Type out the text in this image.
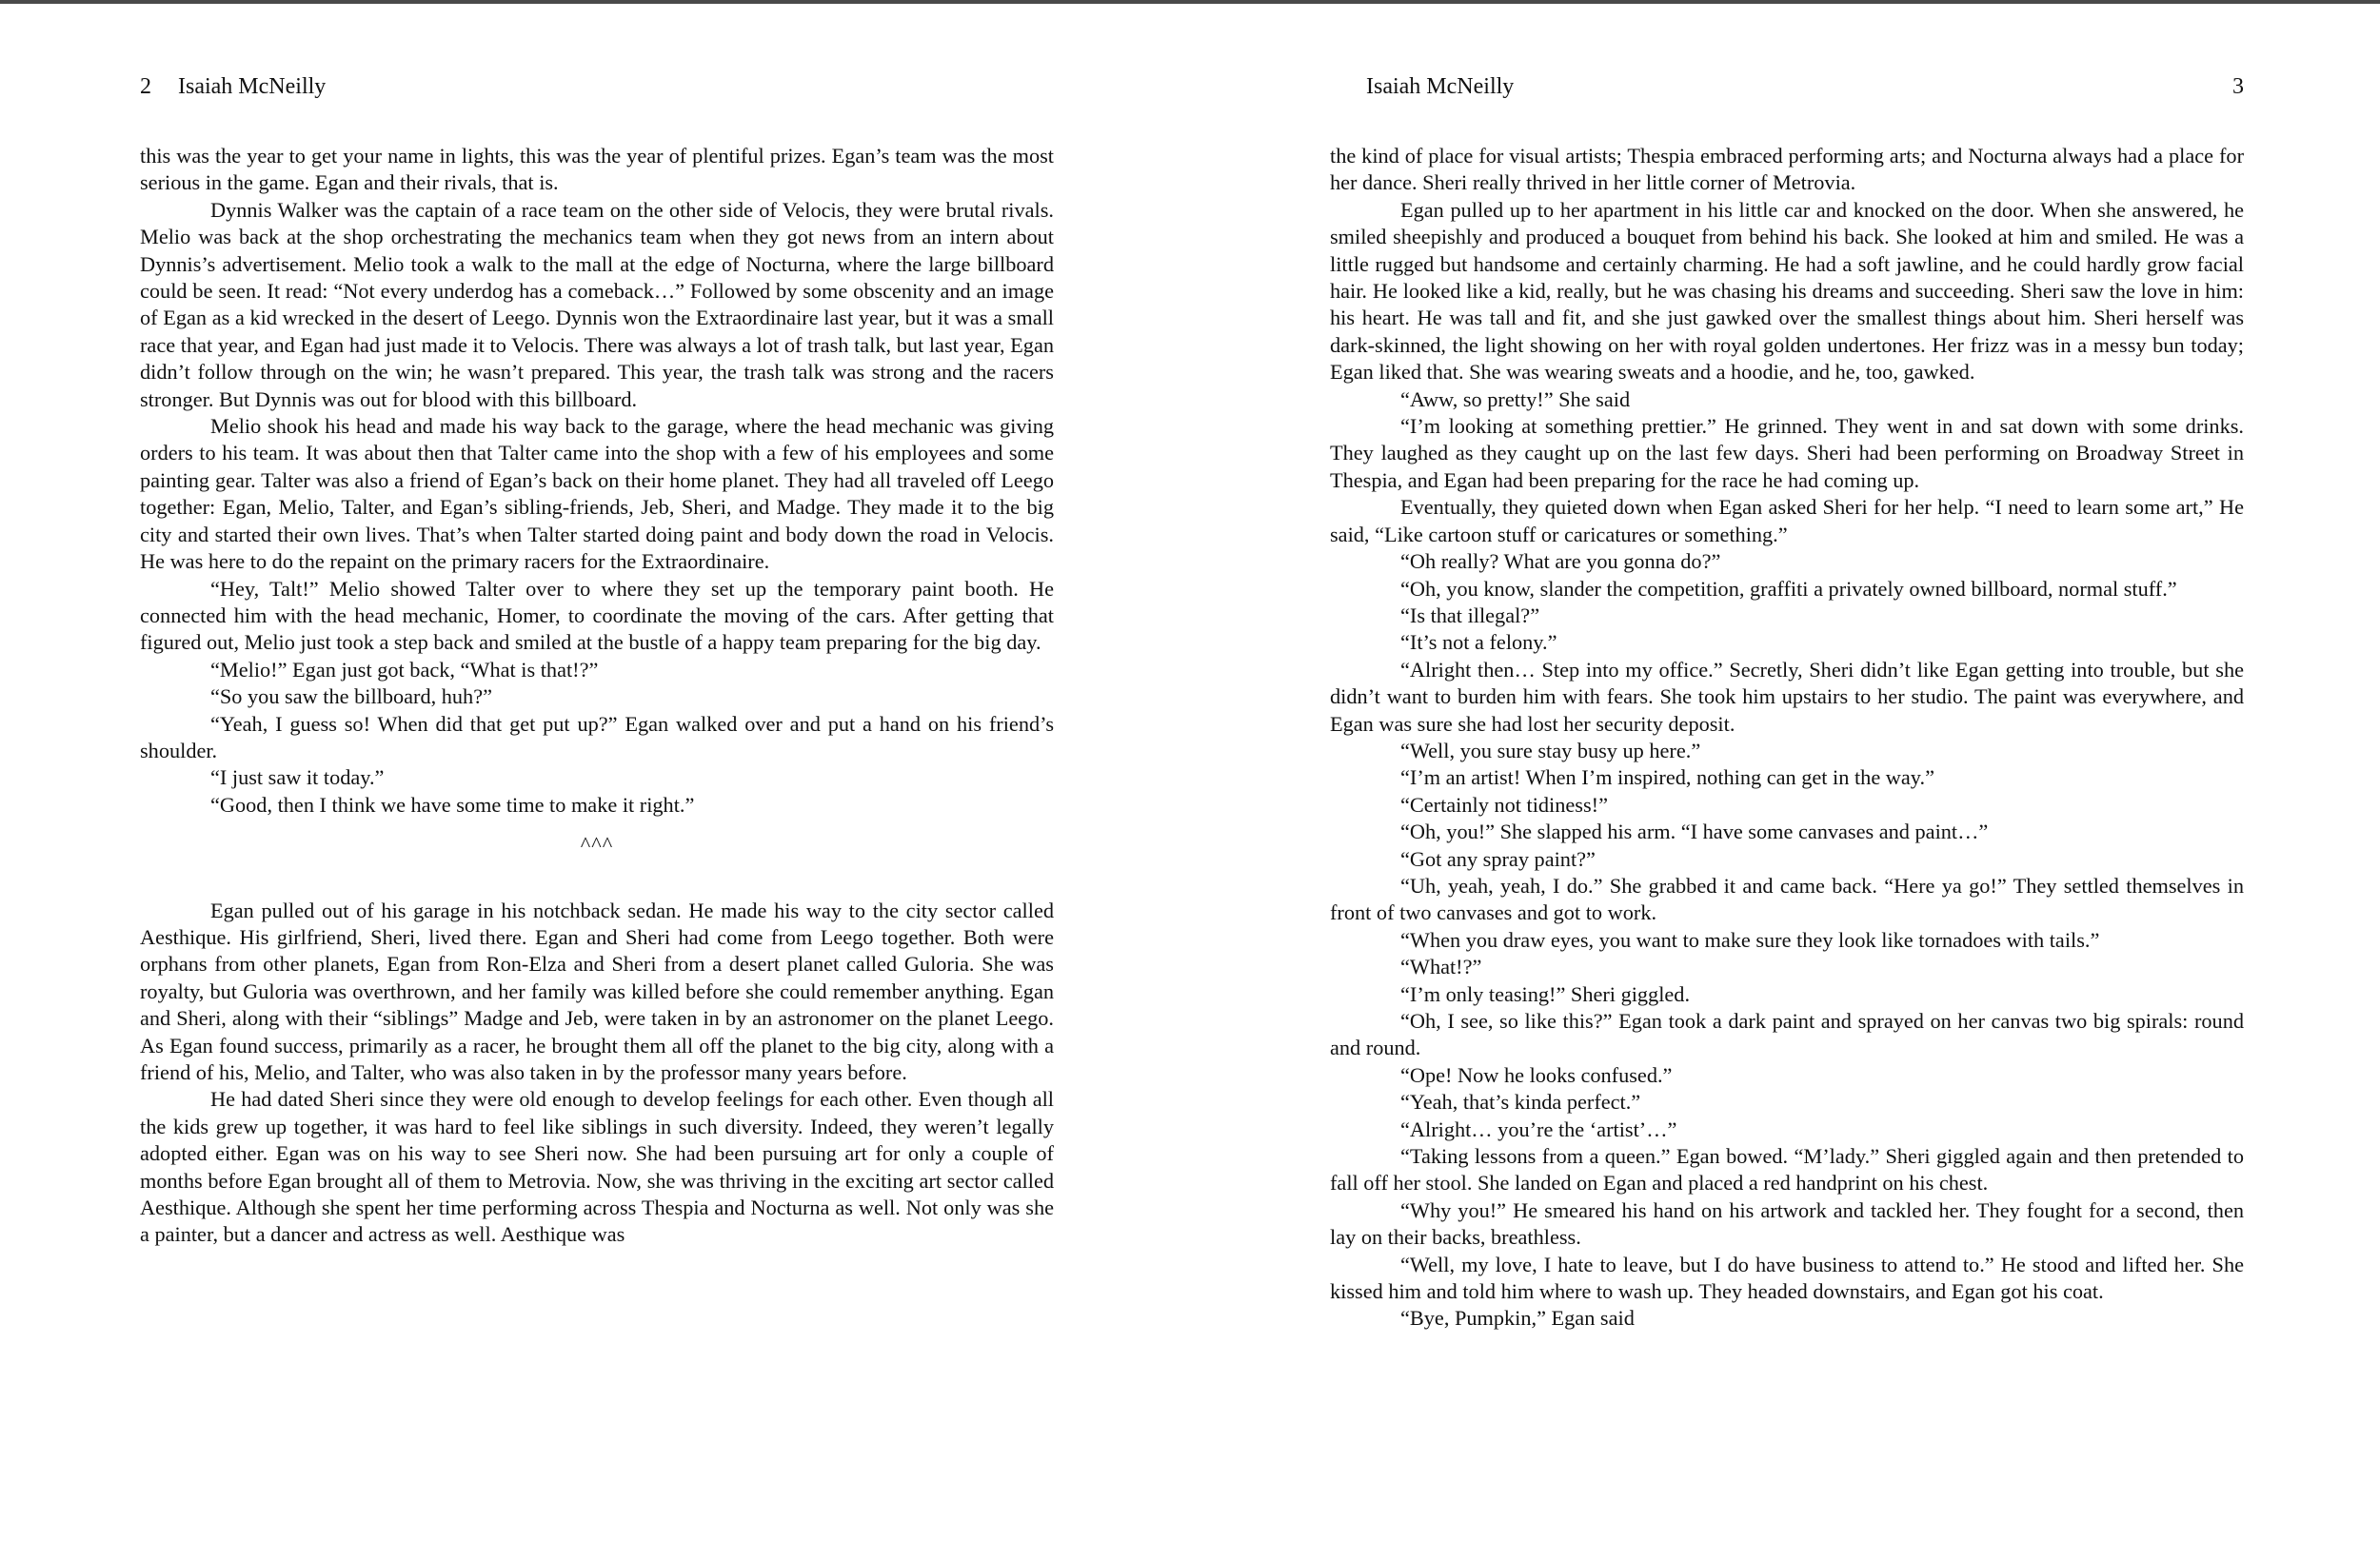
2 Isaiah McNeilly

this was the year to get your name in lights, this was the year of plentiful prizes. Egan’s team was the most serious in the game. Egan and their rivals, that is.

Dynnis Walker was the captain of a race team on the other side of Velocis, they were brutal rivals. Melio was back at the shop orchestrating the mechanics team when they got news from an intern about Dynnis’s advertisement. Melio took a walk to the mall at the edge of Nocturna, where the large billboard could be seen. It read: “Not every underdog has a comeback…” Followed by some obscenity and an image of Egan as a kid wrecked in the desert of Leego. Dynnis won the Extraordinaire last year, but it was a small race that year, and Egan had just made it to Velocis. There was always a lot of trash talk, but last year, Egan didn’t follow through on the win; he wasn’t prepared. This year, the trash talk was strong and the racers stronger. But Dynnis was out for blood with this billboard.

Melio shook his head and made his way back to the garage, where the head mechanic was giving orders to his team. It was about then that Talter came into the shop with a few of his employees and some painting gear. Talter was also a friend of Egan’s back on their home planet. They had all traveled off Leego together: Egan, Melio, Talter, and Egan’s sibling-friends, Jeb, Sheri, and Madge. They made it to the big city and started their own lives. That’s when Talter started doing paint and body down the road in Velocis. He was here to do the repaint on the primary racers for the Extraordinaire.

“Hey, Talt!” Melio showed Talter over to where they set up the temporary paint booth. He connected him with the head mechanic, Homer, to coordinate the moving of the cars. After getting that figured out, Melio just took a step back and smiled at the bustle of a happy team preparing for the big day.

“Melio!” Egan just got back, “What is that!?”

“So you saw the billboard, huh?”

“Yeah, I guess so! When did that get put up?” Egan walked over and put a hand on his friend’s shoulder.

“I just saw it today.”

“Good, then I think we have some time to make it right.”

^^^

Egan pulled out of his garage in his notchback sedan. He made his way to the city sector called Aesthique. His girlfriend, Sheri, lived there. Egan and Sheri had come from Leego together. Both were orphans from other planets, Egan from Ron-Elza and Sheri from a desert planet called Guloria. She was royalty, but Guloria was overthrown, and her family was killed before she could remember anything. Egan and Sheri, along with their “siblings” Madge and Jeb, were taken in by an astronomer on the planet Leego. As Egan found success, primarily as a racer, he brought them all off the planet to the big city, along with a friend of his, Melio, and Talter, who was also taken in by the professor many years before.

He had dated Sheri since they were old enough to develop feelings for each other. Even though all the kids grew up together, it was hard to feel like siblings in such diversity. Indeed, they weren’t legally adopted either. Egan was on his way to see Sheri now. She had been pursuing art for only a couple of months before Egan brought all of them to Metrovia. Now, she was thriving in the exciting art sector called Aesthique. Although she spent her time performing across Thespia and Nocturna as well. Not only was she a painter, but a dancer and actress as well. Aesthique was

Isaiah McNeilly	3

the kind of place for visual artists; Thespia embraced performing arts; and Nocturna always had a place for her dance. Sheri really thrived in her little corner of Metrovia.

Egan pulled up to her apartment in his little car and knocked on the door. When she answered, he smiled sheepishly and produced a bouquet from behind his back. She looked at him and smiled. He was a little rugged but handsome and certainly charming. He had a soft jawline, and he could hardly grow facial hair. He looked like a kid, really, but he was chasing his dreams and succeeding. Sheri saw the love in him: his heart. He was tall and fit, and she just gawked over the smallest things about him. Sheri herself was dark-skinned, the light showing on her with royal golden undertones. Her frizz was in a messy bun today; Egan liked that. She was wearing sweats and a hoodie, and he, too, gawked.

“Aww, so pretty!” She said

“I’m looking at something prettier.” He grinned. They went in and sat down with some drinks. They laughed as they caught up on the last few days. Sheri had been performing on Broadway Street in Thespia, and Egan had been preparing for the race he had coming up.

Eventually, they quieted down when Egan asked Sheri for her help. “I need to learn some art,” He said, “Like cartoon stuff or caricatures or something.”

“Oh really? What are you gonna do?”

“Oh, you know, slander the competition, graffiti a privately owned billboard, normal stuff.”

“Is that illegal?”

“It’s not a felony.”

“Alright then… Step into my office.” Secretly, Sheri didn’t like Egan getting into trouble, but she didn’t want to burden him with fears. She took him upstairs to her studio. The paint was everywhere, and Egan was sure she had lost her security deposit.

“Well, you sure stay busy up here.”

“I’m an artist! When I’m inspired, nothing can get in the way.”

“Certainly not tidiness!”

“Oh, you!” She slapped his arm. “I have some canvases and paint…”

“Got any spray paint?”

“Uh, yeah, yeah, I do.” She grabbed it and came back. “Here ya go!” They settled themselves in front of two canvases and got to work.

“When you draw eyes, you want to make sure they look like tornadoes with tails.”

“What!?”

“I’m only teasing!” Sheri giggled.

“Oh, I see, so like this?” Egan took a dark paint and sprayed on her canvas two big spirals: round and round.

“Ope! Now he looks confused.”

“Yeah, that’s kinda perfect.”

“Alright… you’re the ‘artist’…”

“Taking lessons from a queen.” Egan bowed. “M’lady.” Sheri giggled again and then pretended to fall off her stool. She landed on Egan and placed a red handprint on his chest.

“Why you!” He smeared his hand on his artwork and tackled her. They fought for a second, then lay on their backs, breathless.

“Well, my love, I hate to leave, but I do have business to attend to.” He stood and lifted her. She kissed him and told him where to wash up. They headed downstairs, and Egan got his coat.

“Bye, Pumpkin,” Egan said
